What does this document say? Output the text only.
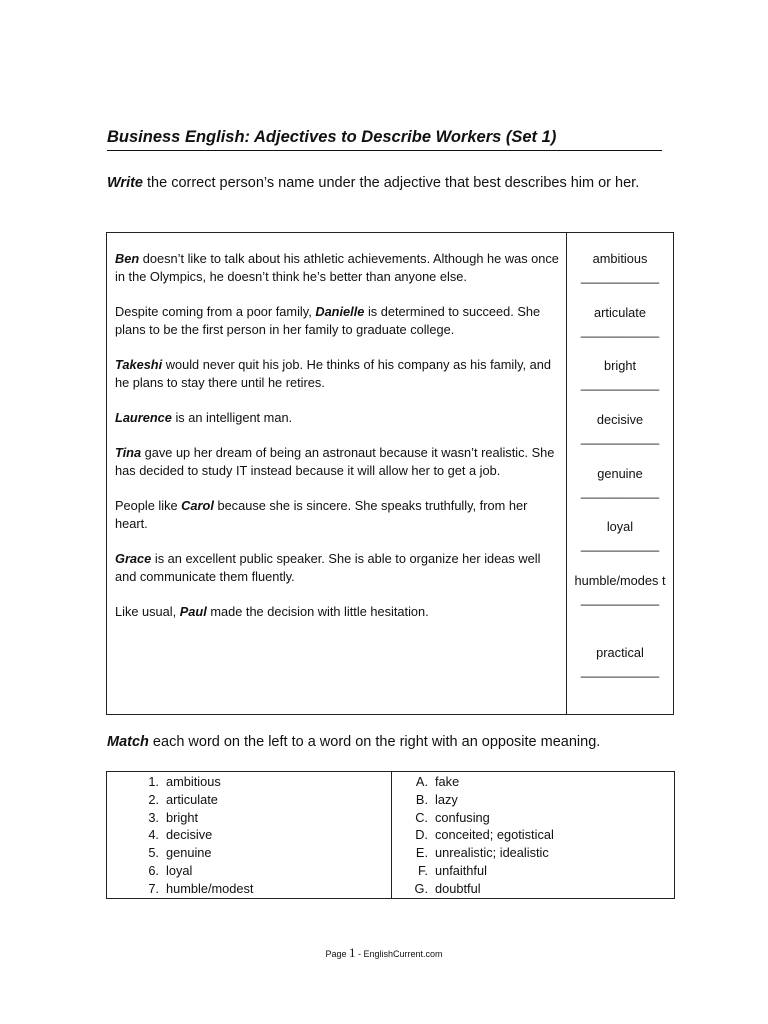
Business English: Adjectives to Describe Workers (Set 1)
Write the correct person’s name under the adjective that best describes him or her.

Ben doesn’t like to talk about his athletic achievements. Although he was once in the Olympics, he doesn’t think he’s better than anyone else.

Despite coming from a poor family, Danielle is determined to succeed. She plans to be the first person in her family to graduate college.

Takeshi would never quit his job. He thinks of his company as his family, and he plans to stay there until he retires.

Laurence is an intelligent man.

Tina gave up her dream of being an astronaut because it wasn’t realistic. She has decided to study IT instead because it will allow her to get a job.

People like Carol because she is sincere. She speaks truthfully, from her heart.

Grace is an excellent public speaker. She is able to organize her ideas well and communicate them fluently.

Like usual, Paul made the decision with little hesitation.

ambitious
___________
articulate
___________
bright
___________
decisive
___________
genuine
___________
loyal
___________
humble/modes t
___________
practical
___________
Match each word on the left to a word on the right with an opposite meaning.
1. ambitious
2. articulate
3. bright
4. decisive
5. genuine
6. loyal
7. humble/modest
A. fake
B. lazy
C. confusing
D. conceited; egotistical
E. unrealistic; idealistic
F. unfaithful
G. doubtful
Page 1 - EnglishCurrent.com
